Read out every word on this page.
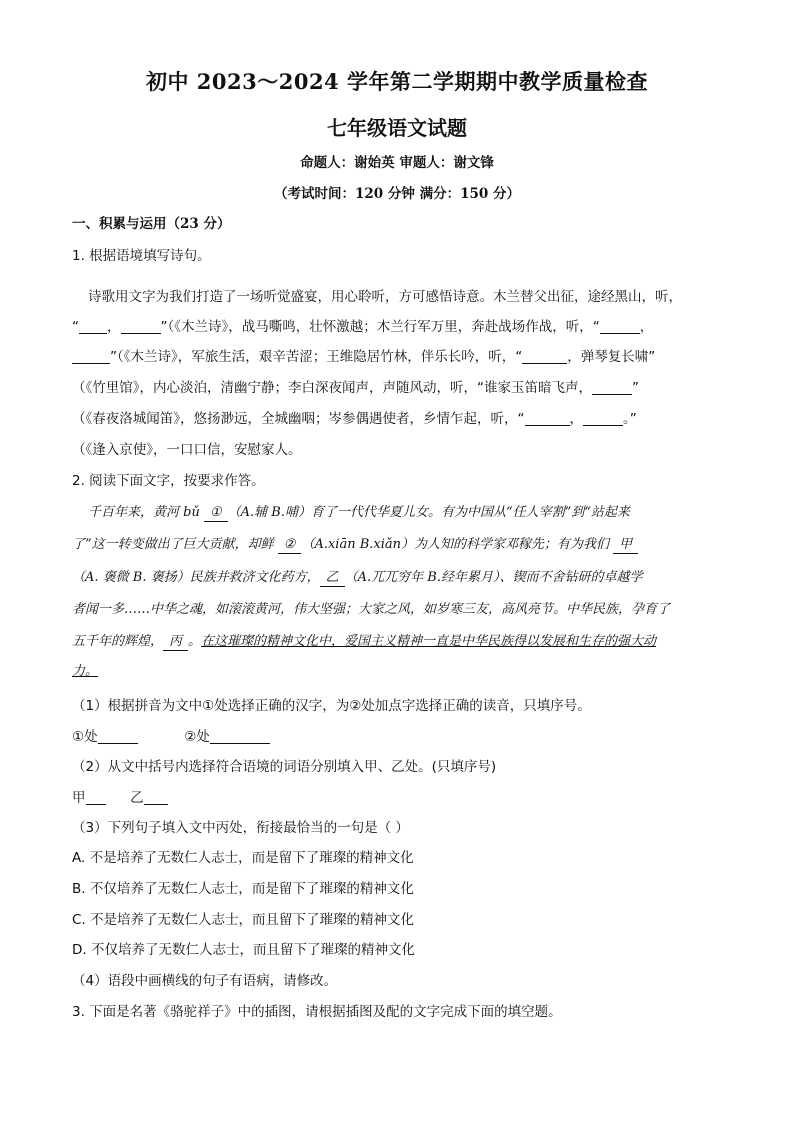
初中 2023～2024 学年第二学期期中教学质量检查
七年级语文试题
命题人：谢始英 审题人：谢文锋
（考试时间：120 分钟 满分：150 分）
一、积累与运用（23 分）
1. 根据语境填写诗句。
诗歌用文字为我们打造了一场听觉盛宴，用心聆听，方可感悟诗意。木兰替父出征，途经黑山，听，
“ ，	”（《木兰诗》，战马嘶鸣，壮怀激越；木兰行军万里，奔赴战场作战，听，“	，
”（《木兰诗》，军旅生活，艰辛苦涩；王维隐居竹林，伴乐长吟，听，“	，弹琴复长啸”
（《竹里馆》，内心淡泊，清幽宁静；李白深夜闻声，声随风动，听，“谁家玉笛暗飞声，	”
（《春夜洛城闻笛》，悠扬渺远，全城幽咽；岑参偶遇使者，乡情乍起，听，“	，	。”
（《逢入京使》，一口口信，安慰家人。
2. 阅读下面文字，按要求作答。
千百年来，黄河 bǔ ① （A.辅 B.哺）育了一代代华夏儿女。有为中国从“任人宰割”到“站起来
了”这一转变做出了巨大贡献，却鲜 ② （A.xiān B.xiǎn）为人知的科学家邓稼先；有为我们 甲
（A. 褒微 B. 褒扬）民族并救济文化药方， 乙 （A.兀兀穷年 B.经年累月）、锲而不舍钻研的卓越学
者闻一多……中华之魂，如滚滚黄河，伟大坚强；大家之风，如岁寒三友，高风亮节。中华民族，孕育了
五千年的辉煌， 丙 。在这璀璨的精神文化中，爱国主义精神一直是中华民族得以发展和生存的强大动
力。
（1）根据拼音为文中①处选择正确的汉字，为②处加点字选择正确的读音，只填序号。
①处	②处
（2）从文中括号内选择符合语境的词语分别填入甲、乙处。(只填序号)
甲	乙
（3）下列句子填入文中丙处，衔接最恰当的一句是（ ）
A. 不是培养了无数仁人志士，而是留下了璀璨的精神文化
B. 不仅培养了无数仁人志士，而是留下了璀璨的精神文化
C. 不是培养了无数仁人志士，而且留下了璀璨的精神文化
D. 不仅培养了无数仁人志士，而且留下了璀璨的精神文化
（4）语段中画横线的句子有语病，请修改。
3. 下面是名著《骆驼祥子》中的插图，请根据插图及配的文字完成下面的填空题。
